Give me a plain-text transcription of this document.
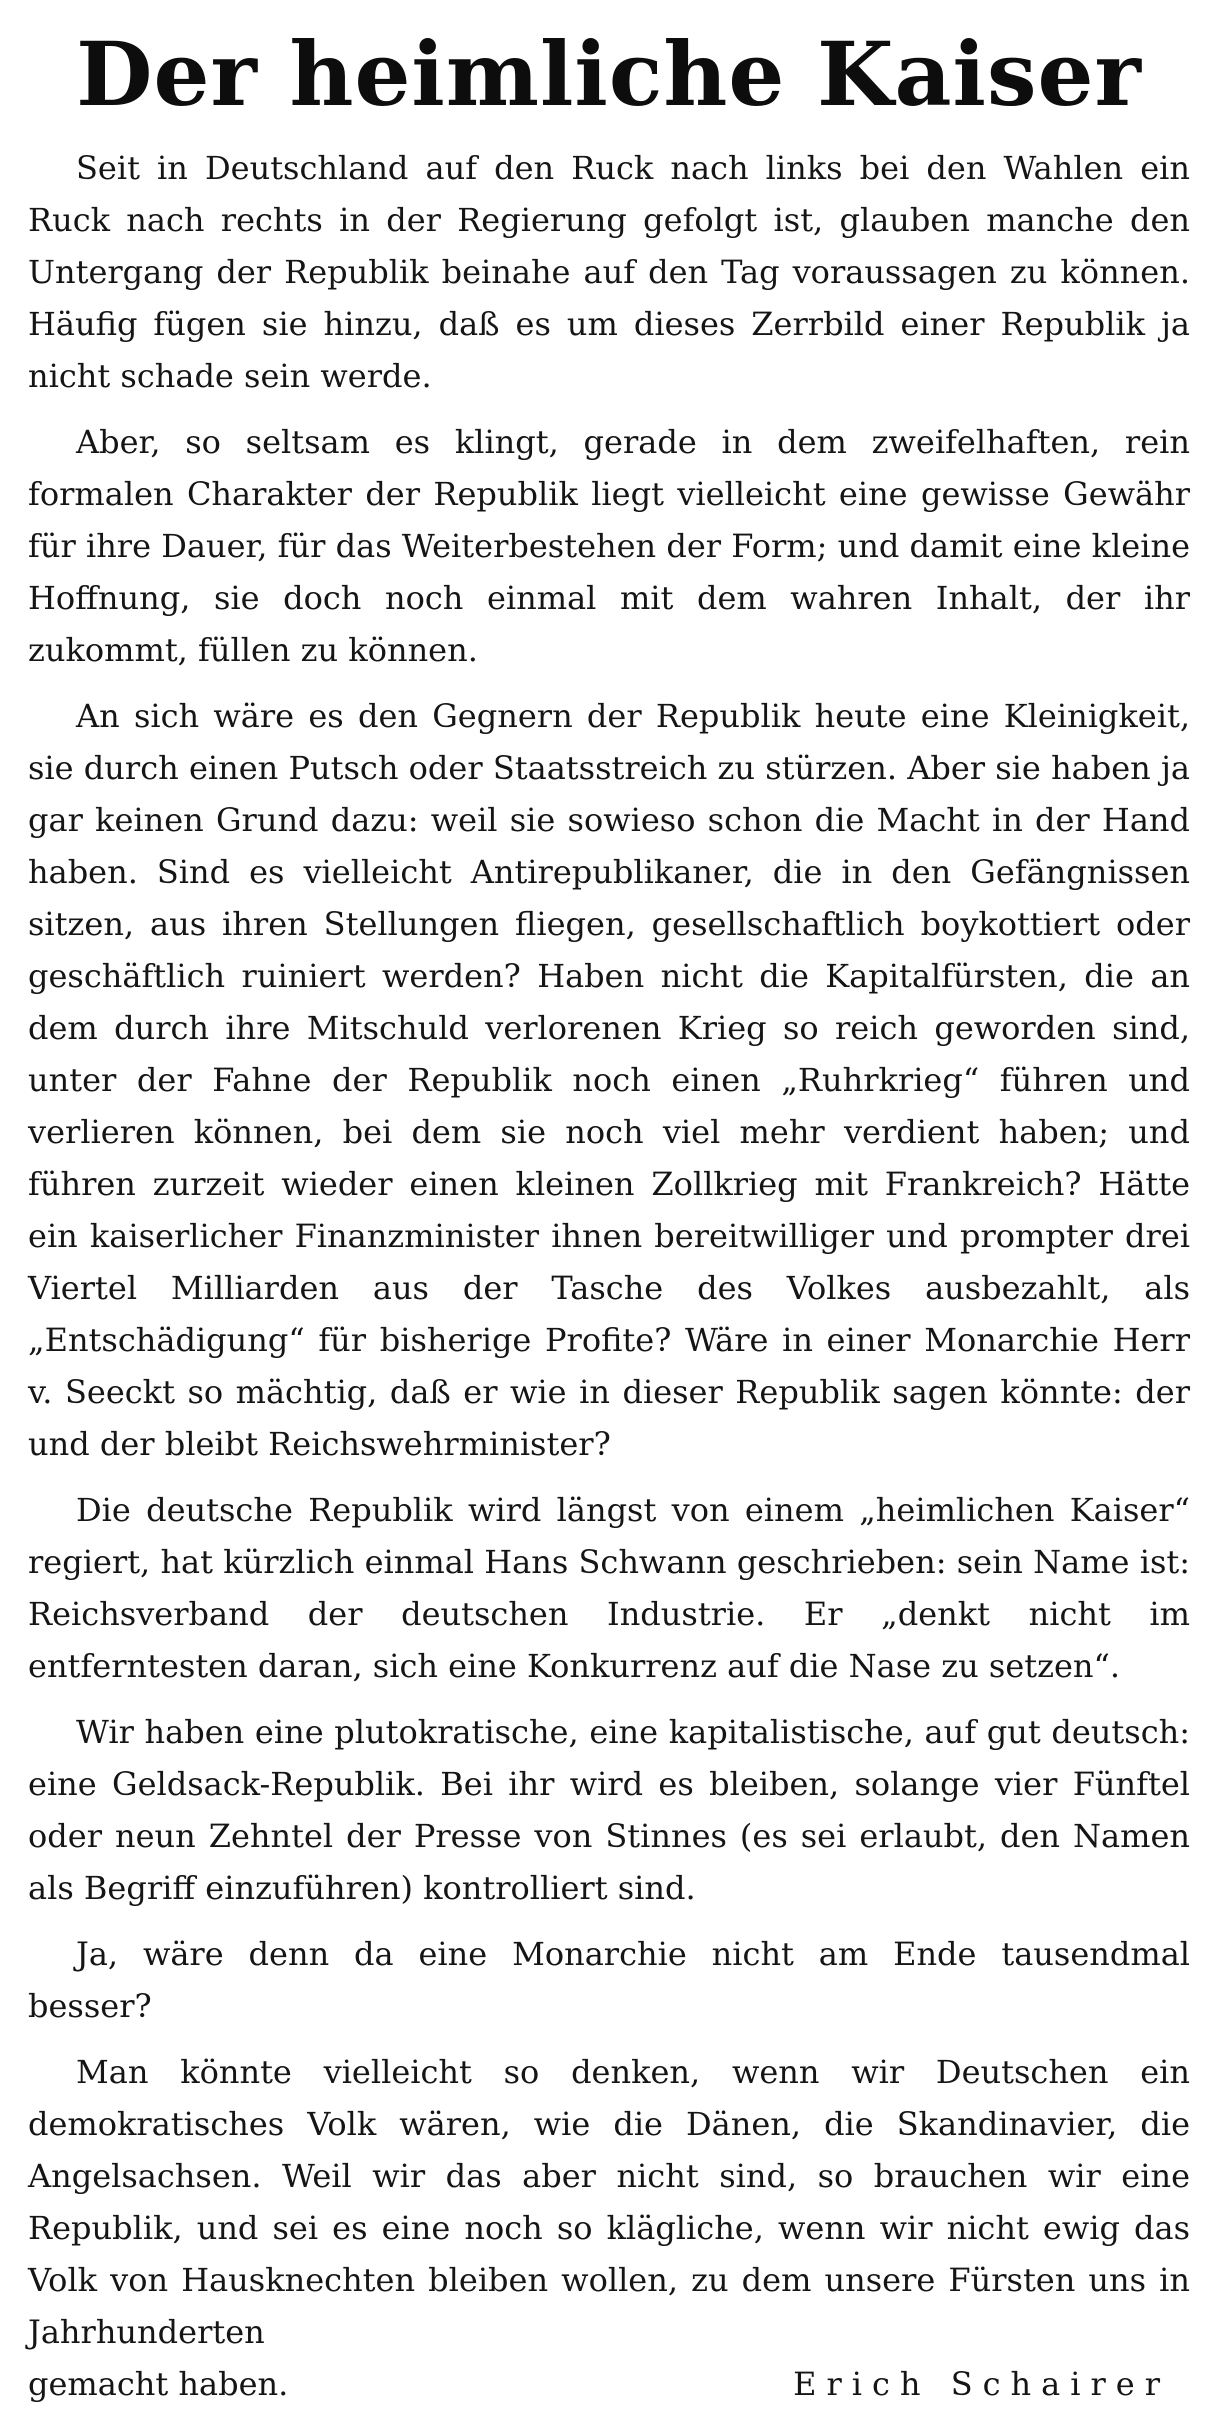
Der heimliche Kaiser

Seit in Deutschland auf den Ruck nach links bei den Wahlen ein Ruck nach rechts in der Regierung gefolgt ist, glauben manche den Untergang der Republik beinahe auf den Tag voraussagen zu können. Häufig fügen sie hinzu, daß es um dieses Zerrbild einer Republik ja nicht schade sein werde.

Aber, so seltsam es klingt, gerade in dem zweifelhaften, rein formalen Charakter der Republik liegt vielleicht eine gewisse Gewähr für ihre Dauer, für das Weiterbestehen der Form; und damit eine kleine Hoffnung, sie doch noch einmal mit dem wahren Inhalt, der ihr zukommt, füllen zu können.

An sich wäre es den Gegnern der Republik heute eine Kleinigkeit, sie durch einen Putsch oder Staatsstreich zu stürzen. Aber sie haben ja gar keinen Grund dazu: weil sie sowieso schon die Macht in der Hand haben. Sind es vielleicht Antirepublikaner, die in den Gefängnissen sitzen, aus ihren Stellungen fliegen, gesellschaftlich boykottiert oder geschäftlich ruiniert werden? Haben nicht die Kapitalfürsten, die an dem durch ihre Mitschuld verlorenen Krieg so reich geworden sind, unter der Fahne der Republik noch einen „Ruhrkrieg“ führen und verlieren können, bei dem sie noch viel mehr verdient haben; und führen zurzeit wieder einen kleinen Zollkrieg mit Frankreich? Hätte ein kaiserlicher Finanzminister ihnen bereitwilliger und prompter drei Viertel Milliarden aus der Tasche des Volkes ausbezahlt, als „Entschädigung“ für bisherige Profite? Wäre in einer Monarchie Herr v. Seeckt so mächtig, daß er wie in dieser Republik sagen könnte: der und der bleibt Reichswehrminister?

Die deutsche Republik wird längst von einem „heimlichen Kaiser“ regiert, hat kürzlich einmal Hans Schwann geschrieben: sein Name ist: Reichsverband der deutschen Industrie. Er „denkt nicht im entferntesten daran, sich eine Konkurrenz auf die Nase zu setzen“.

Wir haben eine plutokratische, eine kapitalistische, auf gut deutsch: eine Geldsack-Republik. Bei ihr wird es bleiben, solange vier Fünftel oder neun Zehntel der Presse von Stinnes (es sei erlaubt, den Namen als Begriff einzuführen) kontrolliert sind.

Ja, wäre denn da eine Monarchie nicht am Ende tausendmal besser?

Man könnte vielleicht so denken, wenn wir Deutschen ein demokratisches Volk wären, wie die Dänen, die Skandinavier, die Angelsachsen. Weil wir das aber nicht sind, so brauchen wir eine Republik, und sei es eine noch so klägliche, wenn wir nicht ewig das Volk von Hausknechten bleiben wollen, zu dem unsere Fürsten uns in Jahrhunderten

gemacht haben.	Erich Schairer
